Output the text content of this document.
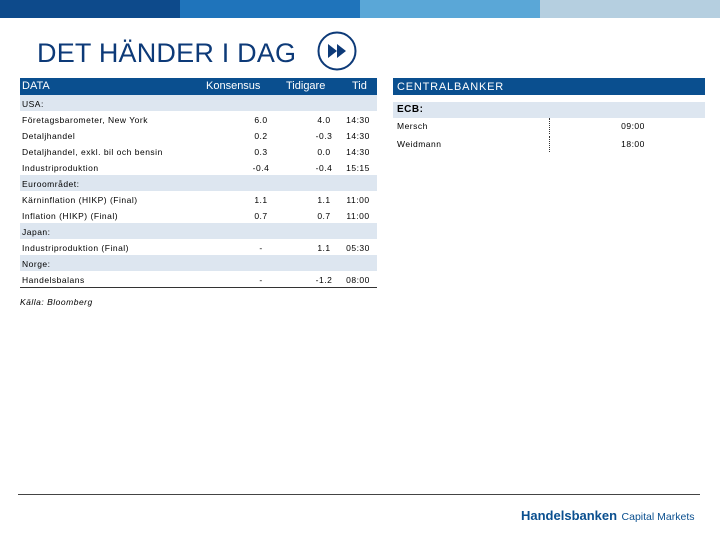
DET HÄNDER I DAG
DATA	Konsensus Tidigare Tid
USA:
Företagsbarometer, New York	6.0	4.0	14:30
Detaljhandel	0.2	-0.3	14:30
Detaljhandel, exkl. bil och bensin	0.3	0.0	14:30
Industriproduktion	-0.4	-0.4	15:15
Euroområdet:
Kärninflation (HIKP) (Final)	1.1	1.1	11:00
Inflation (HIKP) (Final)	0.7	0.7	11:00
Japan:
Industriproduktion (Final)	-	1.1	05:30
Norge:
Handelsbalans	-	-1.2	08:00
Källa: Bloomberg
CENTRALBANKER
ECB:
Mersch	09:00
Weidmann	18:00
Handelsbanken Capital Markets
